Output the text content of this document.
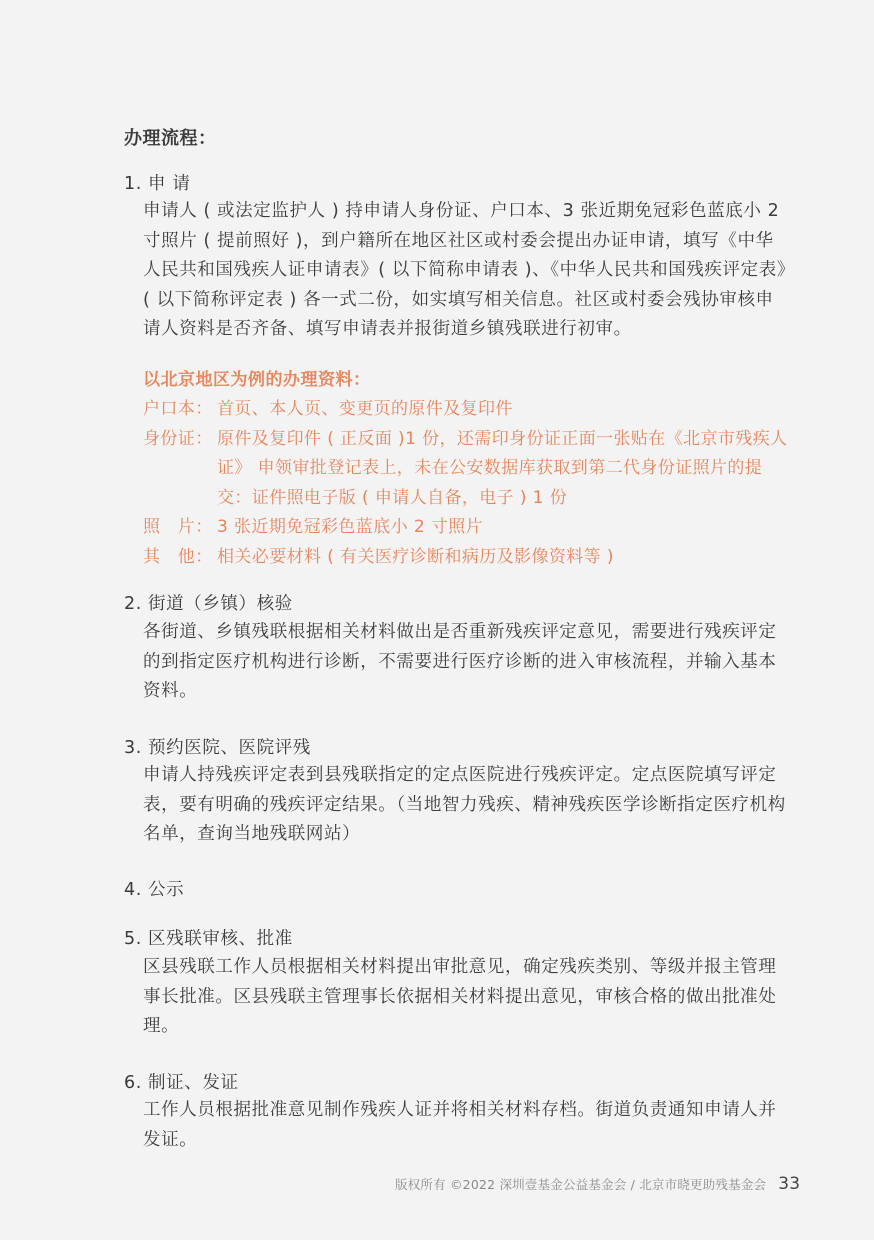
办理流程：
1. 申 请

申请人 ( 或法定监护人 ) 持申请人身份证、户口本、3 张近期免冠彩色蓝底小 2 寸照片 ( 提前照好 )，到户籍所在地区社区或村委会提出办证申请，填写《中华人民共和国残疾人证申请表》( 以下简称申请表 )、《中华人民共和国残疾评定表》( 以下简称评定表 ) 各一式二份，如实填写相关信息。社区或村委会残协审核申请人资料是否齐备、填写申请表并报街道乡镇残联进行初审。

以北京地区为例的办理资料：
户口本： 首页、本人页、变更页的原件及复印件
身份证： 原件及复印件 ( 正反面 )1 份，还需印身份证正面一张贴在《北京市残疾人证》 申领审批登记表上，未在公安数据库获取到第二代身份证照片的提交：证件照电子版 ( 申请人自备，电子 ) 1 份
照　片： 3 张近期免冠彩色蓝底小 2 寸照片
其　他： 相关必要材料 ( 有关医疗诊断和病历及影像资料等 )
2. 街道（乡镇）核验

各街道、乡镇残联根据相关材料做出是否重新残疾评定意见，需要进行残疾评定的到指定医疗机构进行诊断，不需要进行医疗诊断的进入审核流程，并输入基本资料。

3. 预约医院、医院评残

申请人持残疾评定表到县残联指定的定点医院进行残疾评定。定点医院填写评定表，要有明确的残疾评定结果。（当地智力残疾、精神残疾医学诊断指定医疗机构名单，查询当地残联网站）

4. 公示
5. 区残联审核、批准

区县残联工作人员根据相关材料提出审批意见，确定残疾类别、等级并报主管理事长批准。区县残联主管理事长依据相关材料提出意见，审核合格的做出批准处理。

6. 制证、发证

工作人员根据批准意见制作残疾人证并将相关材料存档。街道负责通知申请人并发证。

版权所有 ©2022 深圳壹基金公益基金会 / 北京市晓更助残基金会 33
